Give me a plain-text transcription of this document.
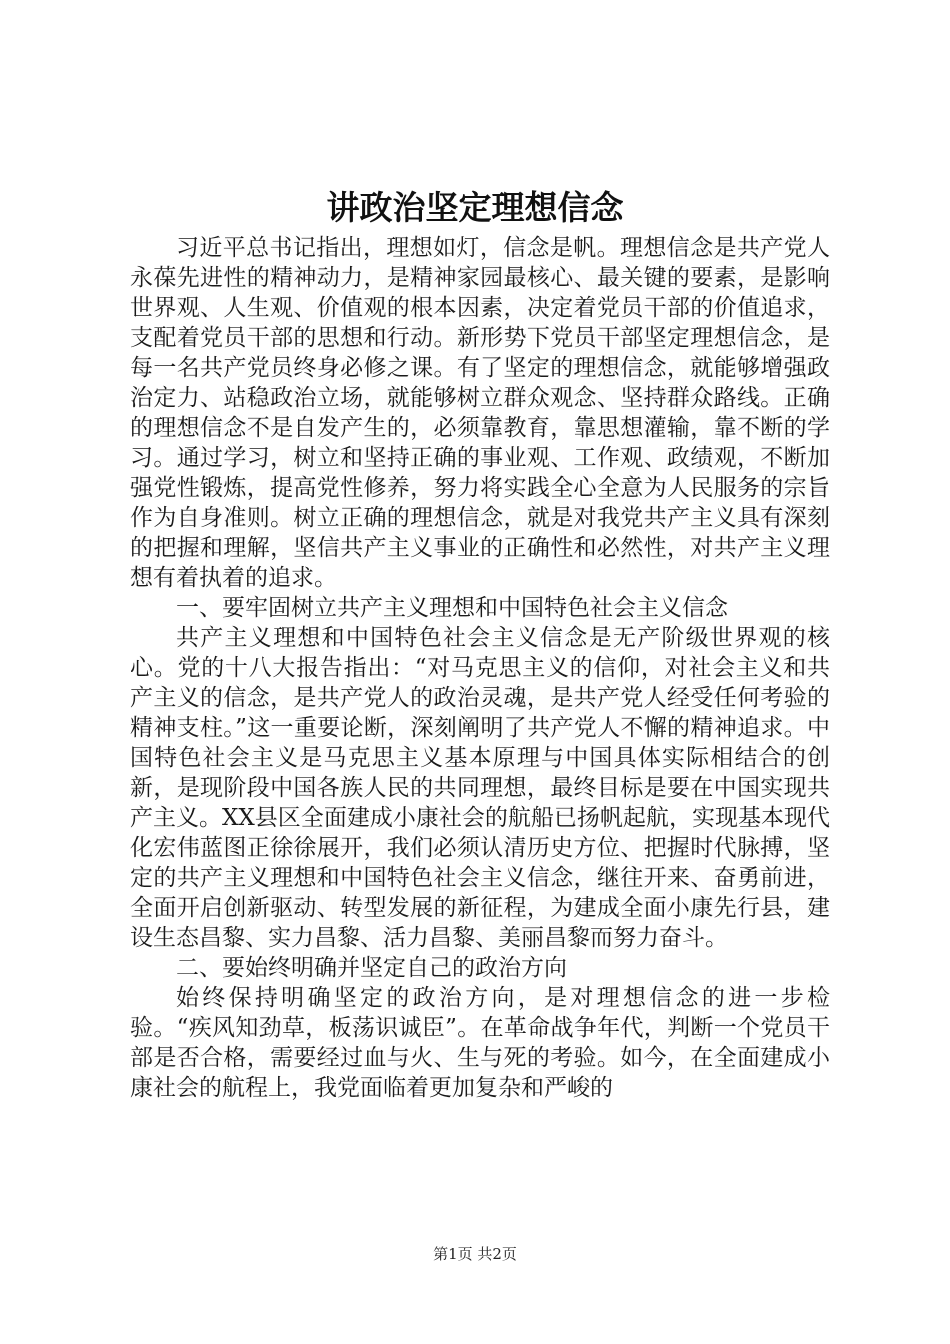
讲政治坚定理想信念

习近平总书记指出，理想如灯，信念是帆。理想信念是共产党人永葆先进性的精神动力，是精神家园最核心、最关键的要素，是影响世界观、人生观、价值观的根本因素，决定着党员干部的价值追求，支配着党员干部的思想和行动。新形势下党员干部坚定理想信念，是每一名共产党员终身必修之课。有了坚定的理想信念，就能够增强政治定力、站稳政治立场，就能够树立群众观念、坚持群众路线。正确的理想信念不是自发产生的，必须靠教育，靠思想灌输，靠不断的学习。通过学习，树立和坚持正确的事业观、工作观、政绩观，不断加强党性锻炼，提高党性修养，努力将实践全心全意为人民服务的宗旨作为自身准则。树立正确的理想信念，就是对我党共产主义具有深刻的把握和理解，坚信共产主义事业的正确性和必然性，对共产主义理想有着执着的追求。

一、要牢固树立共产主义理想和中国特色社会主义信念

共产主义理想和中国特色社会主义信念是无产阶级世界观的核心。党的十八大报告指出：“对马克思主义的信仰，对社会主义和共产主义的信念，是共产党人的政治灵魂，是共产党人经受任何考验的精神支柱。”这一重要论断，深刻阐明了共产党人不懈的精神追求。中国特色社会主义是马克思主义基本原理与中国具体实际相结合的创新，是现阶段中国各族人民的共同理想，最终目标是要在中国实现共产主义。XX县区全面建成小康社会的航船已扬帆起航，实现基本现代化宏伟蓝图正徐徐展开，我们必须认清历史方位、把握时代脉搏，坚定的共产主义理想和中国特色社会主义信念，继往开来、奋勇前进，全面开启创新驱动、转型发展的新征程，为建成全面小康先行县，建设生态昌黎、实力昌黎、活力昌黎、美丽昌黎而努力奋斗。

二、要始终明确并坚定自己的政治方向

始终保持明确坚定的政治方向，是对理想信念的进一步检验。“疾风知劲草，板荡识诚臣”。在革命战争年代，判断一个党员干部是否合格，需要经过血与火、生与死的考验。如今，在全面建成小康社会的航程上，我党面临着更加复杂和严峻的

第1页 共2页
